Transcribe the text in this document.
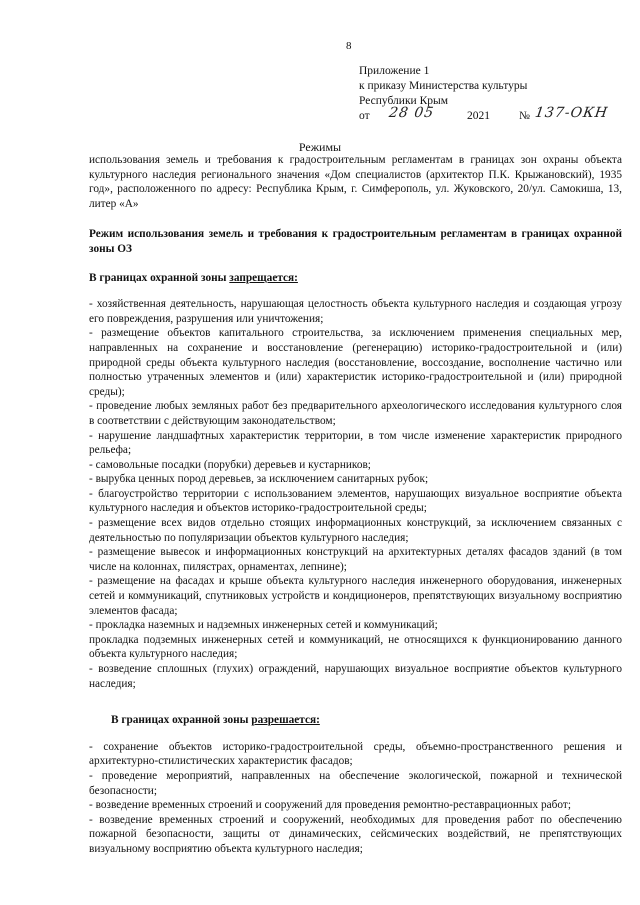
8
Приложение 1
к приказу Министерства культуры
Республики Крым
от 28 05	2021	№ 137-ОКН
Режимы

использования земель и требования к градостроительным регламентам в границах зон охраны объекта культурного наследия регионального значения «Дом специалистов (архитектор П.К. Крыжановский), 1935 год», расположенного по адресу: Республика Крым, г. Симферополь, ул. Жуковского, 20/ул. Самокиша, 13, литер «А»

Режим использования земель и требования к градостроительным регламентам в границах охранной зоны ОЗ

В границах охранной зоны запрещается:

- хозяйственная деятельность, нарушающая целостность объекта культурного наследия и создающая угрозу его повреждения, разрушения или уничтожения;

- размещение объектов капитального строительства, за исключением применения специальных мер, направленных на сохранение и восстановление (регенерацию) историко-градостроительной и (или) природной среды объекта культурного наследия (восстановление, воссоздание, восполнение частично или полностью утраченных элементов и (или) характеристик историко-градостроительной и (или) природной среды);

- проведение любых земляных работ без предварительного археологического исследования культурного слоя в соответствии с действующим законодательством;

- нарушение ландшафтных характеристик территории, в том числе изменение характеристик природного рельефа;

- самовольные посадки (порубки) деревьев и кустарников;

- вырубка ценных пород деревьев, за исключением санитарных рубок;

- благоустройство территории с использованием элементов, нарушающих визуальное восприятие объекта культурного наследия и объектов историко-градостроительной среды;

- размещение всех видов отдельно стоящих информационных конструкций, за исключением связанных с деятельностью по популяризации объектов культурного наследия;

- размещение вывесок и информационных конструкций на архитектурных деталях фасадов зданий (в том числе на колоннах, пилястрах, орнаментах, лепнине);

- размещение на фасадах и крыше объекта культурного наследия инженерного оборудования, инженерных сетей и коммуникаций, спутниковых устройств и кондиционеров, препятствующих визуальному восприятию элементов фасада;

- прокладка наземных и надземных инженерных сетей и коммуникаций;

прокладка подземных инженерных сетей и коммуникаций, не относящихся к функционированию данного объекта культурного наследия;

- возведение сплошных (глухих) ограждений, нарушающих визуальное восприятие объектов культурного наследия;

В границах охранной зоны разрешается:

- сохранение объектов историко-градостроительной среды, объемно-пространственного решения и архитектурно-стилистических характеристик фасадов;

- проведение мероприятий, направленных на обеспечение экологической, пожарной и технической безопасности;

- возведение временных строений и сооружений для проведения ремонтно-реставрационных работ;

- возведение временных строений и сооружений, необходимых для проведения работ по обеспечению пожарной безопасности, защиты от динамических, сейсмических воздействий, не препятствующих визуальному восприятию объекта культурного наследия;
